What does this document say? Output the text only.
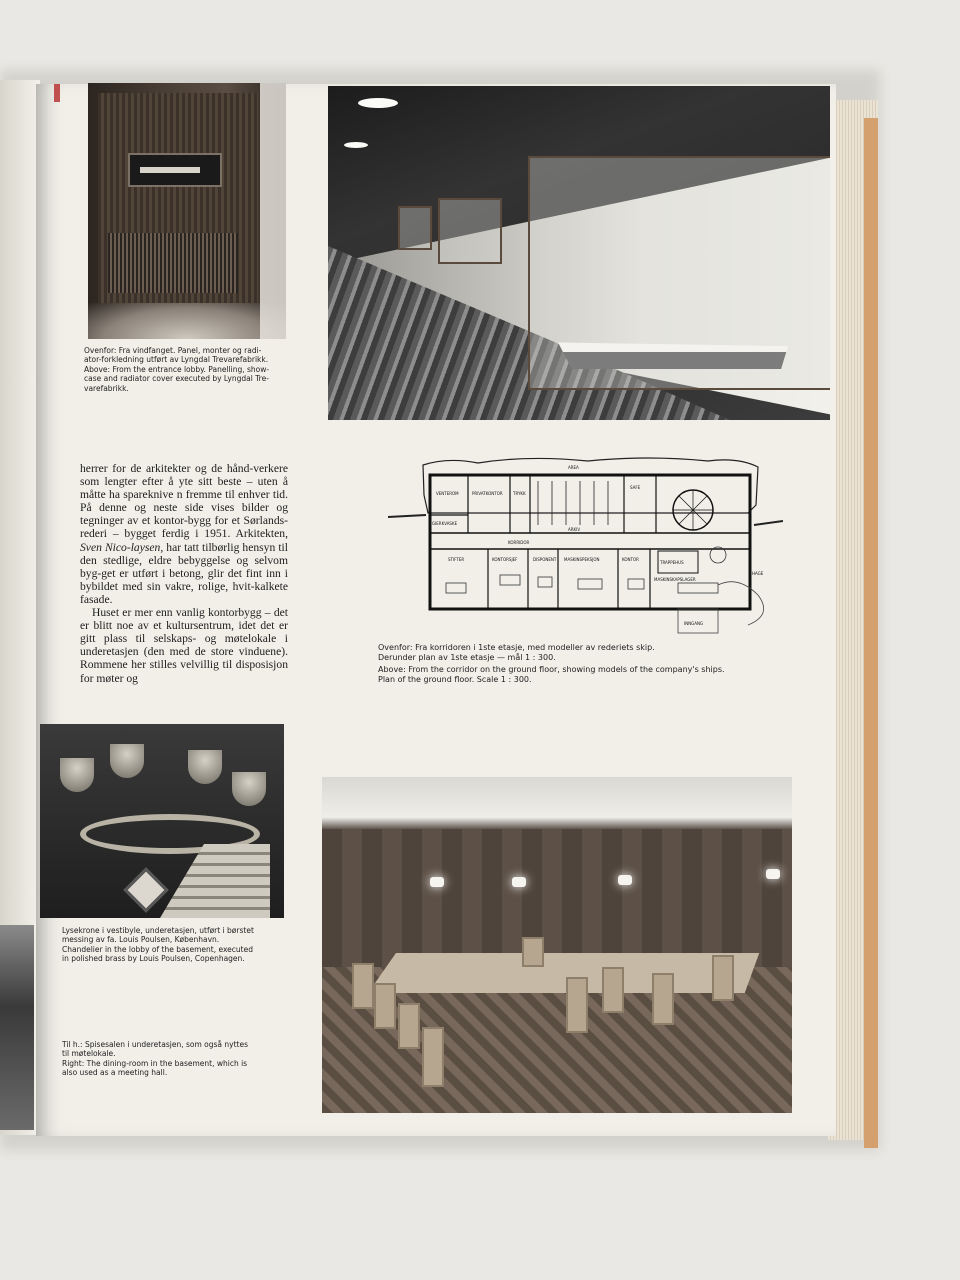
Ovenfor: Fra vindfanget. Panel, monter og radi-

ator-forkledning utført av Lyngdal Trevarefabrikk.

Above: From the entrance lobby. Panelling, show-

case and radiator cover executed by Lyngdal Tre-

varefabrikk.

Ovenfor: Fra korridoren i 1ste etasje, med modeller av rederiets skip.

Derunder plan av 1ste etasje — mål 1 : 300.

Above: From the corridor on the ground floor, showing models of the company's ships.

Plan of the ground floor. Scale 1 : 300.

herrer for de arkitekter og de hånd-verkere som lengter efter å yte sitt beste – uten å måtte ha spareknive n fremme til enhver tid. På denne og neste side vises bilder og tegninger av et kontor-bygg for et Sørlands-rederi – bygget ferdig i 1951. Arkitekten, Sven Nico-laysen, har tatt tilbørlig hensyn til den stedlige, eldre bebyggelse og selvom byg-get er utført i betong, glir det fint inn i bybildet med sin vakre, rolige, hvit-kalkete fasade.

Huset er mer enn vanlig kontorbygg – det er blitt noe av et kultursentrum, idet det er gitt plass til selskaps- og møtelokale i underetasjen (den med de store vinduene). Rommene her stilles velvillig til disposisjon for møter og

AREA
VENTEROM	PRIVATKONTOR	TRYKK
ARKIV
SAFE
GIERKVASKE
KORRIDOR
TRAPPEHUS
STIFTER	KONTORSJEF	DISPONENT MASKINSPEKSJON	KONTOR
MASKINSKAPSLAGER
HAGE
INNGANG

Lysekrone i vestibyle, underetasjen, utført i børstet

messing av fa. Louis Poulsen, København.

Chandelier in the lobby of the basement, executed

in polished brass by Louis Poulsen, Copenhagen.

Til h.: Spisesalen i underetasjen, som også nyttes

til møtelokale.

Right: The dining-room in the basement, which is

also used as a meeting hall.
